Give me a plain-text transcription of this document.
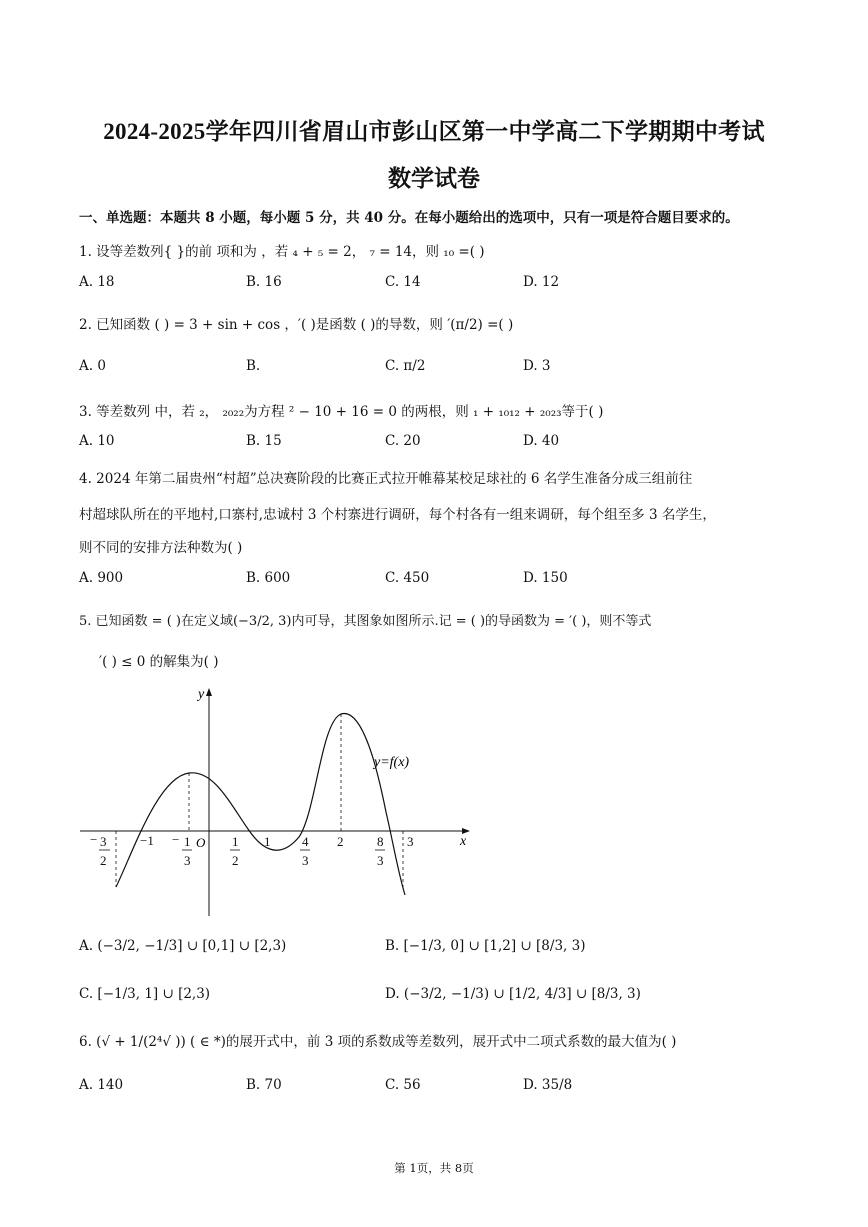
2024-2025学年四川省眉山市彭山区第一中学高二下学期期中考试
数学试卷
一、单选题：本题共 8 小题，每小题 5 分，共 40 分。在每小题给出的选项中，只有一项是符合题目要求的。
1. 设等差数列{ }的前 项和为 ，若 ₄ + ₅ = 2， ₇ = 14，则 ₁₀ =( )
A. 18	B. 16	C. 14	D. 12
2. 已知函数 ( ) = 3 + sin + cos ，′( )是函数 ( )的导数，则 ′(π/2) =( )
A. 0	B.	C. π/2	D. 3
3. 等差数列 中，若 ₂， ₂₀₂₂为方程 ² − 10 + 16 = 0 的两根，则 ₁ + ₁₀₁₂ + ₂₀₂₃等于( )
A. 10	B. 15	C. 20	D. 40
4. 2024 年第二届贵州“村超”总决赛阶段的比赛正式拉开帷幕某校足球社的 6 名学生准备分成三组前往
村超球队所在的平地村,口寨村,忠诚村 3 个村寨进行调研，每个村各有一组来调研，每个组至多 3 名学生，
则不同的安排方法种数为( )
A. 900	B. 600	C. 450	D. 150
5. 已知函数 = ( )在定义域(−3/2, 3)内可导，其图象如图所示.记 = ( )的导函数为 = ′( )，则不等式
′( ) ≤ 0 的解集为( )
y
x
O
y=f(x)
− 3
2
−1 − 1
3
1
2
1 4
3
2	8
3
3
A. (−3/2, −1/3] ∪ [0,1] ∪ [2,3)	B. [−1/3, 0] ∪ [1,2] ∪ [8/3, 3)
C. [−1/3, 1] ∪ [2,3)	D. (−3/2, −1/3) ∪ [1/2, 4/3] ∪ [8/3, 3)
6. (√ + 1/(2⁴√ )) ( ∈ *)的展开式中，前 3 项的系数成等差数列，展开式中二项式系数的最大值为( )
A. 140	B. 70	C. 56	D. 35/8
第 1页，共 8页
